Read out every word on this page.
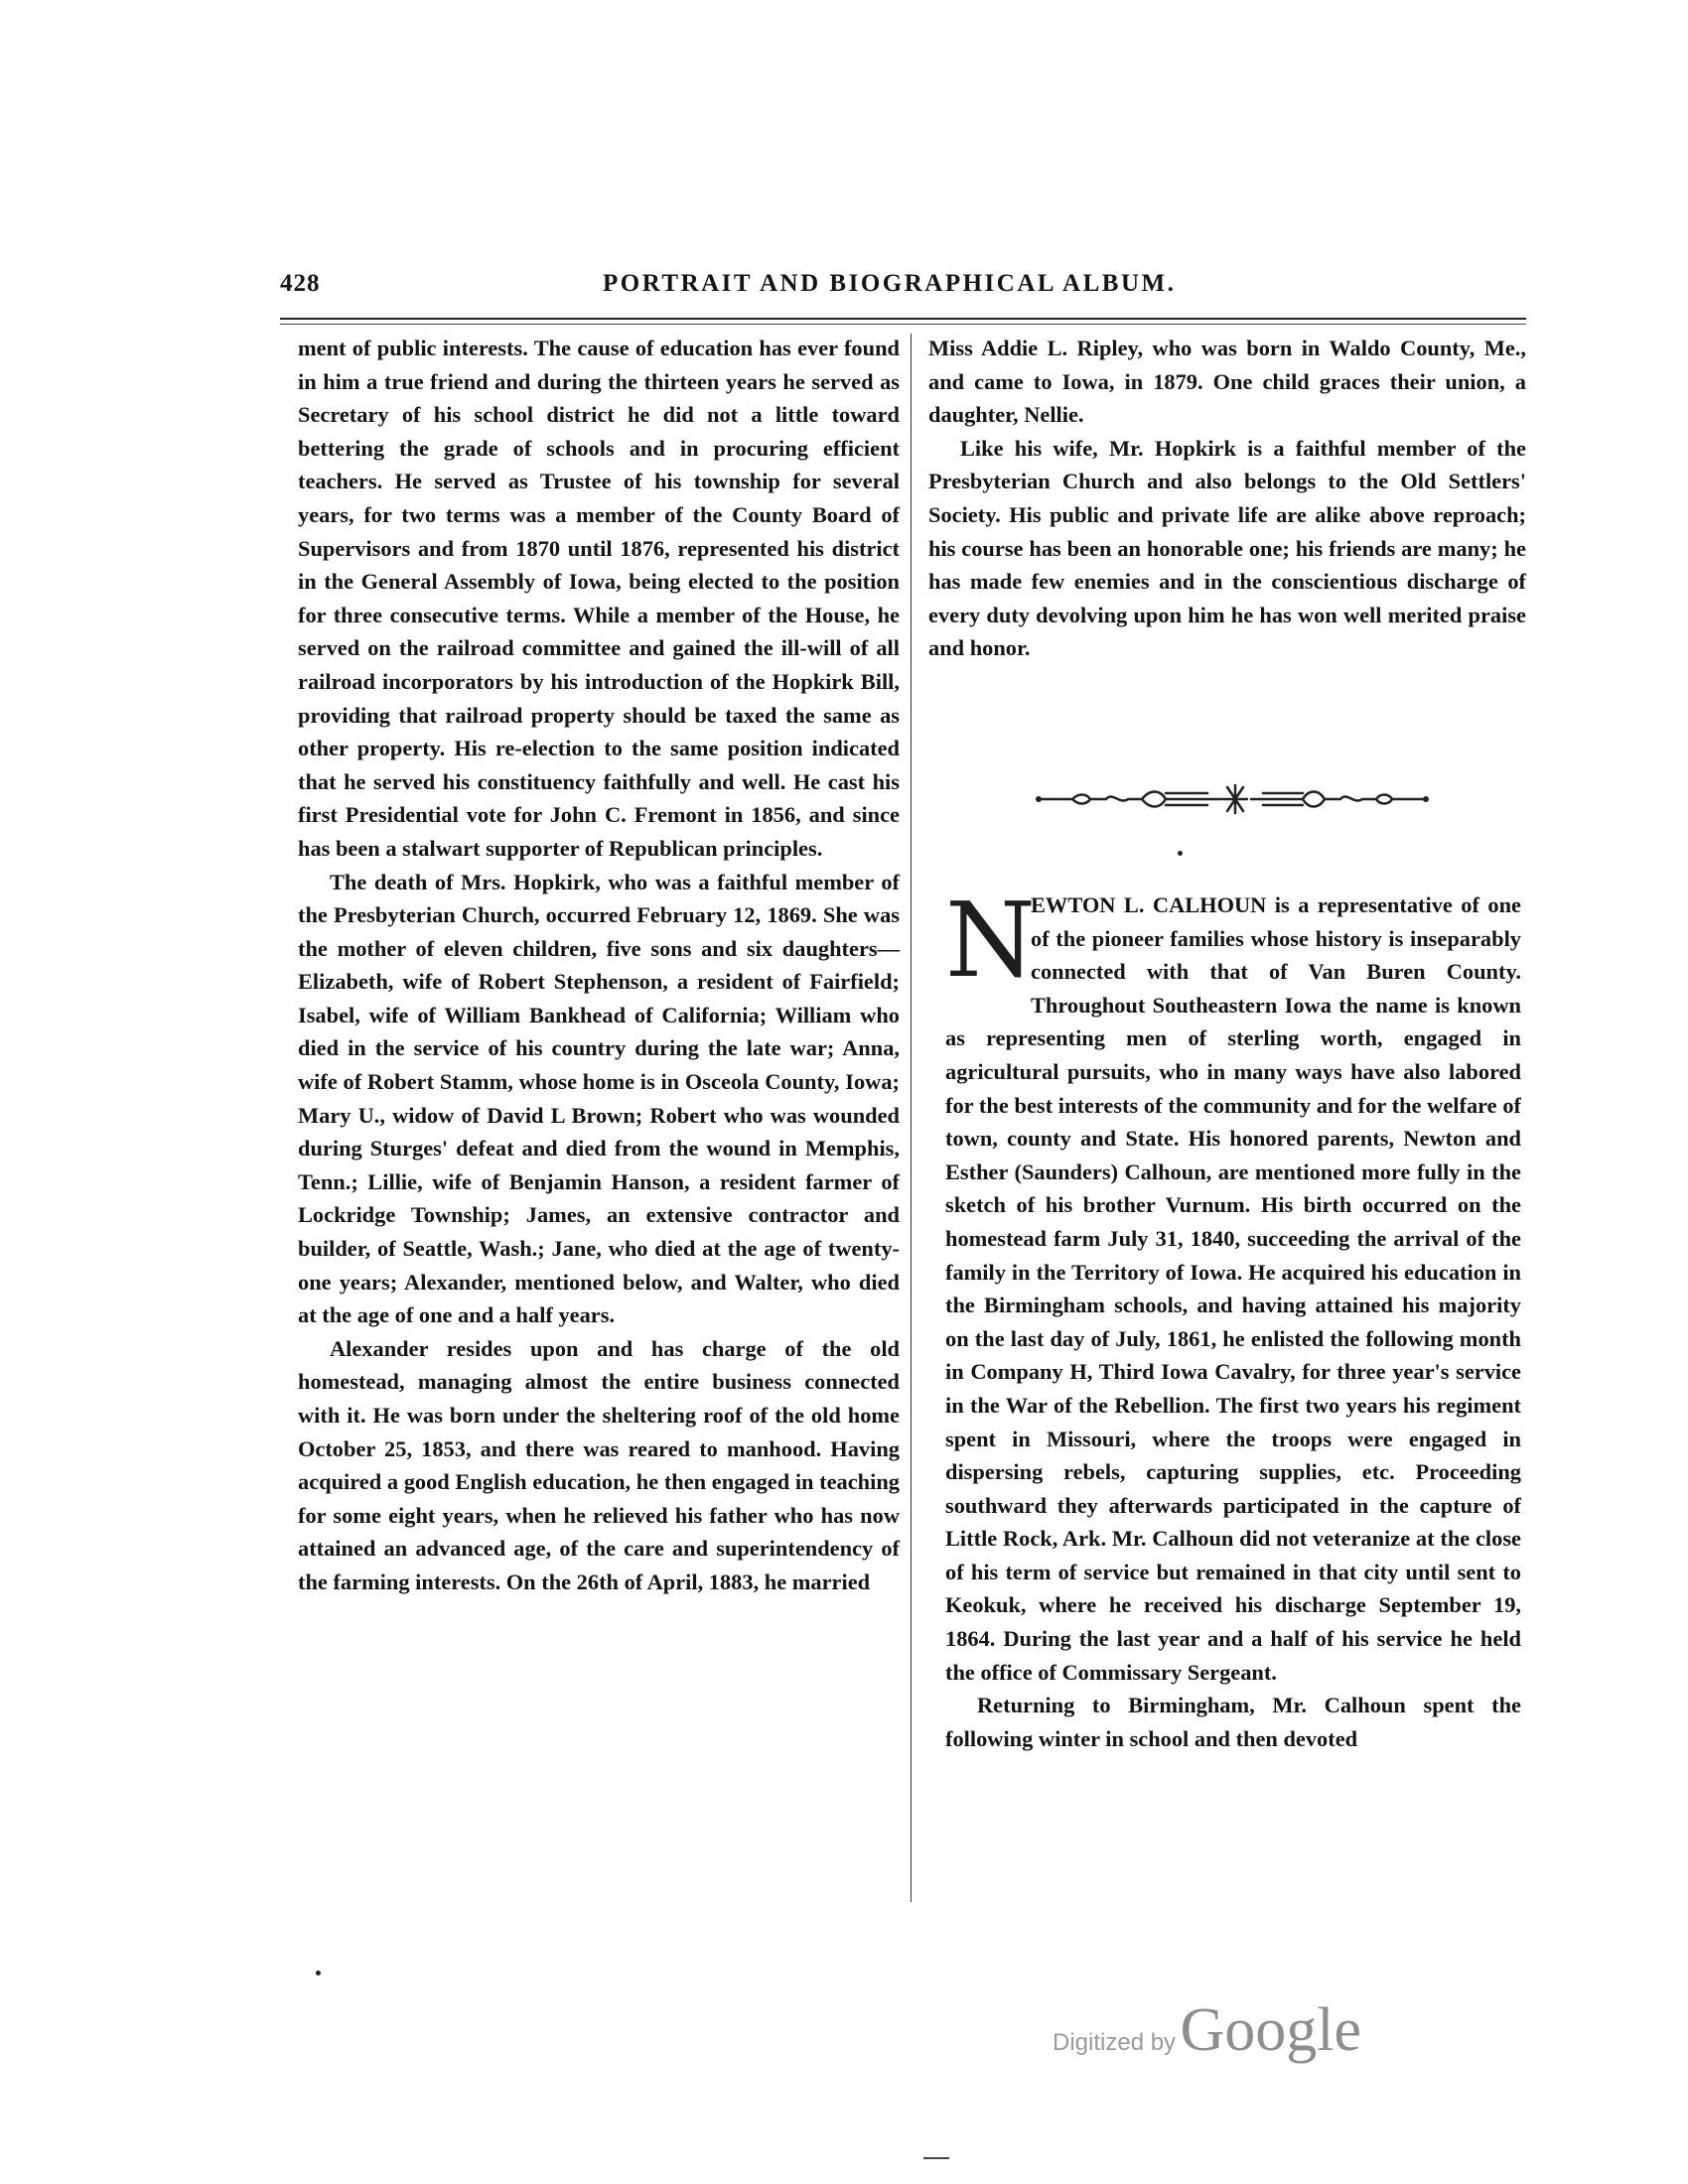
428	PORTRAIT AND BIOGRAPHICAL ALBUM.

ment of public interests. The cause of education has ever found in him a true friend and during the thirteen years he served as Secretary of his school district he did not a little toward bettering the grade of schools and in procuring efficient teachers. He served as Trustee of his township for several years, for two terms was a member of the County Board of Supervisors and from 1870 until 1876, represented his district in the General Assembly of Iowa, being elected to the position for three consecutive terms. While a member of the House, he served on the railroad committee and gained the ill-will of all railroad incorporators by his introduction of the Hopkirk Bill, providing that railroad property should be taxed the same as other property. His re-election to the same position indicated that he served his constituency faithfully and well. He cast his first Presidential vote for John C. Fremont in 1856, and since has been a stalwart supporter of Republican principles.

The death of Mrs. Hopkirk, who was a faithful member of the Presbyterian Church, occurred February 12, 1869. She was the mother of eleven children, five sons and six daughters—Elizabeth, wife of Robert Stephenson, a resident of Fairfield; Isabel, wife of William Bankhead of California; William who died in the service of his country during the late war; Anna, wife of Robert Stamm, whose home is in Osceola County, Iowa; Mary U., widow of David L Brown; Robert who was wounded during Sturges' defeat and died from the wound in Memphis, Tenn.; Lillie, wife of Benjamin Hanson, a resident farmer of Lockridge Township; James, an extensive contractor and builder, of Seattle, Wash.; Jane, who died at the age of twenty-one years; Alexander, mentioned below, and Walter, who died at the age of one and a half years.

Alexander resides upon and has charge of the old homestead, managing almost the entire business connected with it. He was born under the sheltering roof of the old home October 25, 1853, and there was reared to manhood. Having acquired a good English education, he then engaged in teaching for some eight years, when he relieved his father who has now attained an advanced age, of the care and superintendency of the farming interests. On the 26th of April, 1883, he married

Miss Addie L. Ripley, who was born in Waldo County, Me., and came to Iowa, in 1879. One child graces their union, a daughter, Nellie.

Like his wife, Mr. Hopkirk is a faithful member of the Presbyterian Church and also belongs to the Old Settlers' Society. His public and private life are alike above reproach; his course has been an honorable one; his friends are many; he has made few enemies and in the conscientious discharge of every duty devolving upon him he has won well merited praise and honor.

N
EWTON L. CALHOUN is a representative of one of the pioneer families whose history is inseparably connected with that of Van Buren County. Throughout Southeastern Iowa the name is known as representing men of sterling worth, engaged in agricultural pursuits, who in many ways have also labored for the best interests of the community and for the welfare of town, county and State. His honored parents, Newton and Esther (Saunders) Calhoun, are mentioned more fully in the sketch of his brother Vurnum. His birth occurred on the homestead farm July 31, 1840, succeeding the arrival of the family in the Territory of Iowa. He acquired his education in the Birmingham schools, and having attained his majority on the last day of July, 1861, he enlisted the following month in Company H, Third Iowa Cavalry, for three year's service in the War of the Rebellion. The first two years his regiment spent in Missouri, where the troops were engaged in dispersing rebels, capturing supplies, etc. Proceeding southward they afterwards participated in the capture of Little Rock, Ark. Mr. Calhoun did not veteranize at the close of his term of service but remained in that city until sent to Keokuk, where he received his discharge September 19, 1864. During the last year and a half of his service he held the office of Commissary Sergeant.

Returning to Birmingham, Mr. Calhoun spent the following winter in school and then devoted

Digitized by Google
